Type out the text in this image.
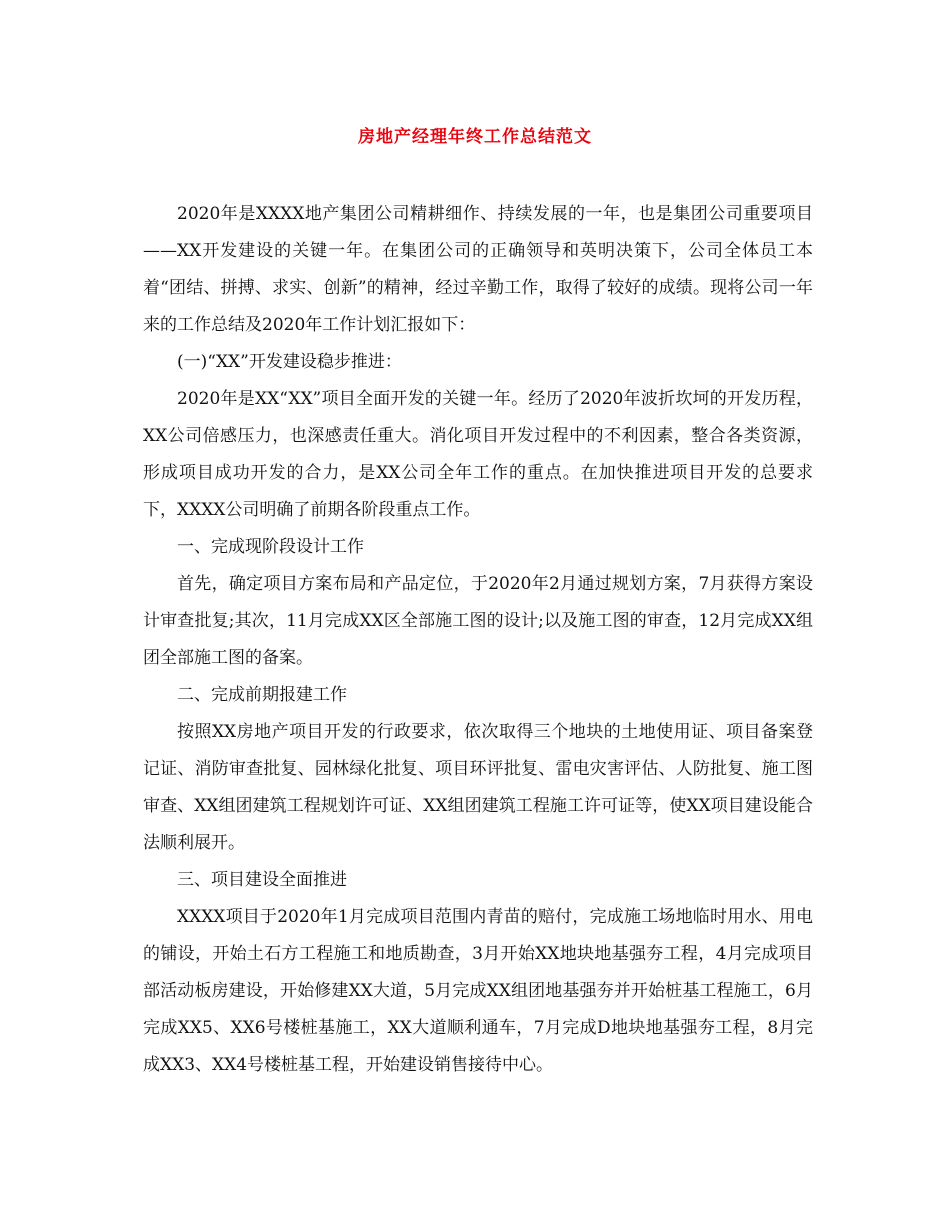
房地产经理年终工作总结范文

2020年是XXXX地产集团公司精耕细作、持续发展的一年，也是集团公司重要项目——XX开发建设的关键一年。在集团公司的正确领导和英明决策下，公司全体员工本着“团结、拼搏、求实、创新”的精神，经过辛勤工作，取得了较好的成绩。现将公司一年来的工作总结及2020年工作计划汇报如下：

(一)“XX”开发建设稳步推进：

2020年是XX“XX”项目全面开发的关键一年。经历了2020年波折坎坷的开发历程，XX公司倍感压力，也深感责任重大。消化项目开发过程中的不利因素，整合各类资源，形成项目成功开发的合力，是XX公司全年工作的重点。在加快推进项目开发的总要求下，XXXX公司明确了前期各阶段重点工作。

一、完成现阶段设计工作

首先，确定项目方案布局和产品定位，于2020年2月通过规划方案，7月获得方案设计审查批复;其次，11月完成XX区全部施工图的设计;以及施工图的审查，12月完成XX组团全部施工图的备案。

二、完成前期报建工作

按照XX房地产项目开发的行政要求，依次取得三个地块的土地使用证、项目备案登记证、消防审查批复、园林绿化批复、项目环评批复、雷电灾害评估、人防批复、施工图审查、XX组团建筑工程规划许可证、XX组团建筑工程施工许可证等，使XX项目建设能合法顺利展开。

三、项目建设全面推进

XXXX项目于2020年1月完成项目范围内青苗的赔付，完成施工场地临时用水、用电的铺设，开始土石方工程施工和地质勘查，3月开始XX地块地基强夯工程，4月完成项目部活动板房建设，开始修建XX大道，5月完成XX组团地基强夯并开始桩基工程施工，6月完成XX5、XX6号楼桩基施工，XX大道顺利通车，7月完成D地块地基强夯工程，8月完成XX3、XX4号楼桩基工程，开始建设销售接待中心。
